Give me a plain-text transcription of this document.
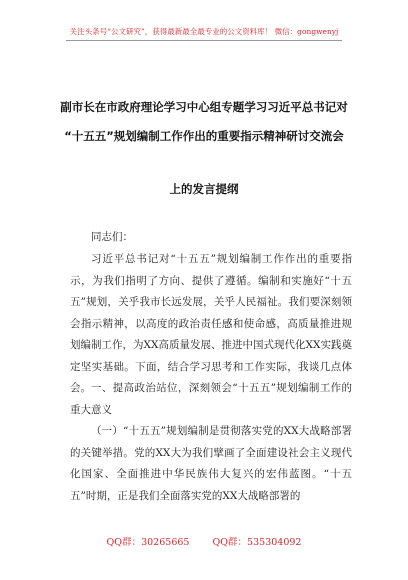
关注头条号“公文研究”，获得最新最全最专业的公文资料库！ 微信：gongwenyj
副市长在市政府理论学习中心组专题学习习近平总书记对
“十五五”规划编制工作作出的重要指示精神研讨交流会
上的发言提纲

同志们：

习近平总书记对“十五五”规划编制工作作出的重要指示，为我们指明了方向、提供了遵循。编制和实施好“十五五”规划，关乎我市长远发展，关乎人民福祉。我们要深刻领会指示精神，以高度的政治责任感和使命感，高质量推进规划编制工作，为XX高质量发展、推进中国式现代化XX实践奠定坚实基础。下面，结合学习思考和工作实际，我谈几点体会。 一、提高政治站位，深刻领会“十五五”规划编制工作的重大意义

（一）“十五五”规划编制是贯彻落实党的XX大战略部署的关键举措。党的XX大为我们擘画了全面建设社会主义现代化国家、全面推进中华民族伟大复兴的宏伟蓝图。“十五五”时期，正是我们全面落实党的XX大战略部署的

QQ群：30265665 QQ群：535304092
